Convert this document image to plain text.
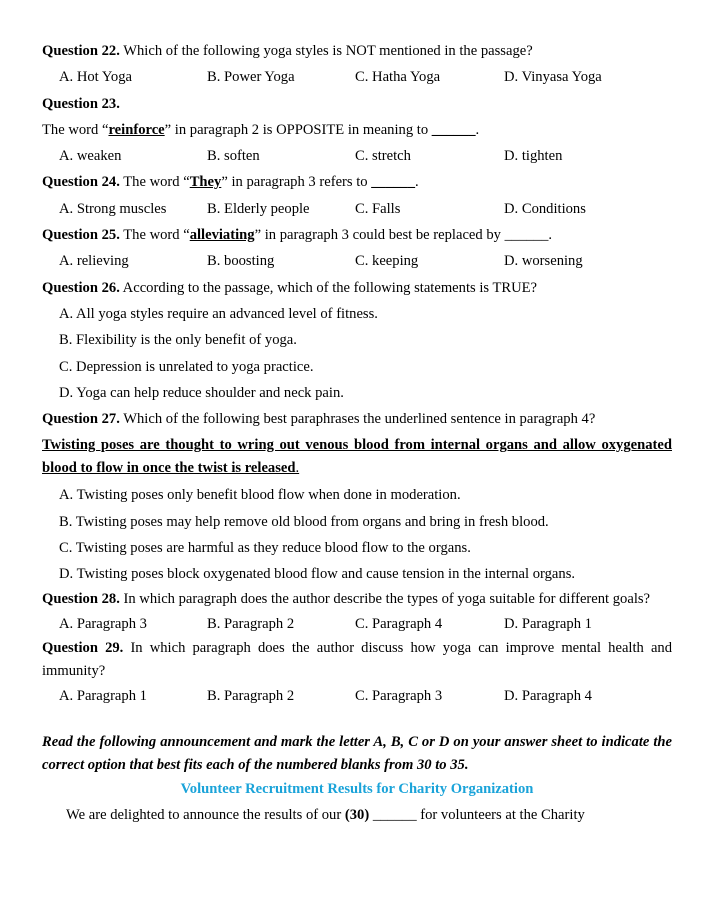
Question 22. Which of the following yoga styles is NOT mentioned in the passage?
A. Hot Yoga	B. Power Yoga	C. Hatha Yoga	D. Vinyasa Yoga
Question 23.
The word “reinforce” in paragraph 2 is OPPOSITE in meaning to ______.
A. weaken	B. soften	C. stretch	D. tighten
Question 24. The word “They” in paragraph 3 refers to ______.
A. Strong muscles	B. Elderly people	C. Falls	D. Conditions
Question 25. The word “alleviating” in paragraph 3 could best be replaced by ______.
A. relieving	B. boosting	C. keeping	D. worsening
Question 26. According to the passage, which of the following statements is TRUE?
A. All yoga styles require an advanced level of fitness.
B. Flexibility is the only benefit of yoga.
C. Depression is unrelated to yoga practice.
D. Yoga can help reduce shoulder and neck pain.
Question 27. Which of the following best paraphrases the underlined sentence in paragraph 4?
Twisting poses are thought to wring out venous blood from internal organs and allow oxygenated blood to flow in once the twist is released.
A. Twisting poses only benefit blood flow when done in moderation.
B. Twisting poses may help remove old blood from organs and bring in fresh blood.
C. Twisting poses are harmful as they reduce blood flow to the organs.
D. Twisting poses block oxygenated blood flow and cause tension in the internal organs.
Question 28. In which paragraph does the author describe the types of yoga suitable for different goals?
A. Paragraph 3	B. Paragraph 2	C. Paragraph 4	D. Paragraph 1
Question 29. In which paragraph does the author discuss how yoga can improve mental health and immunity?
A. Paragraph 1	B. Paragraph 2	C. Paragraph 3	D. Paragraph 4
Read the following announcement and mark the letter A, B, C or D on your answer sheet to indicate the correct option that best fits each of the numbered blanks from 30 to 35.
Volunteer Recruitment Results for Charity Organization
We are delighted to announce the results of our (30) ______ for volunteers at the Charity
